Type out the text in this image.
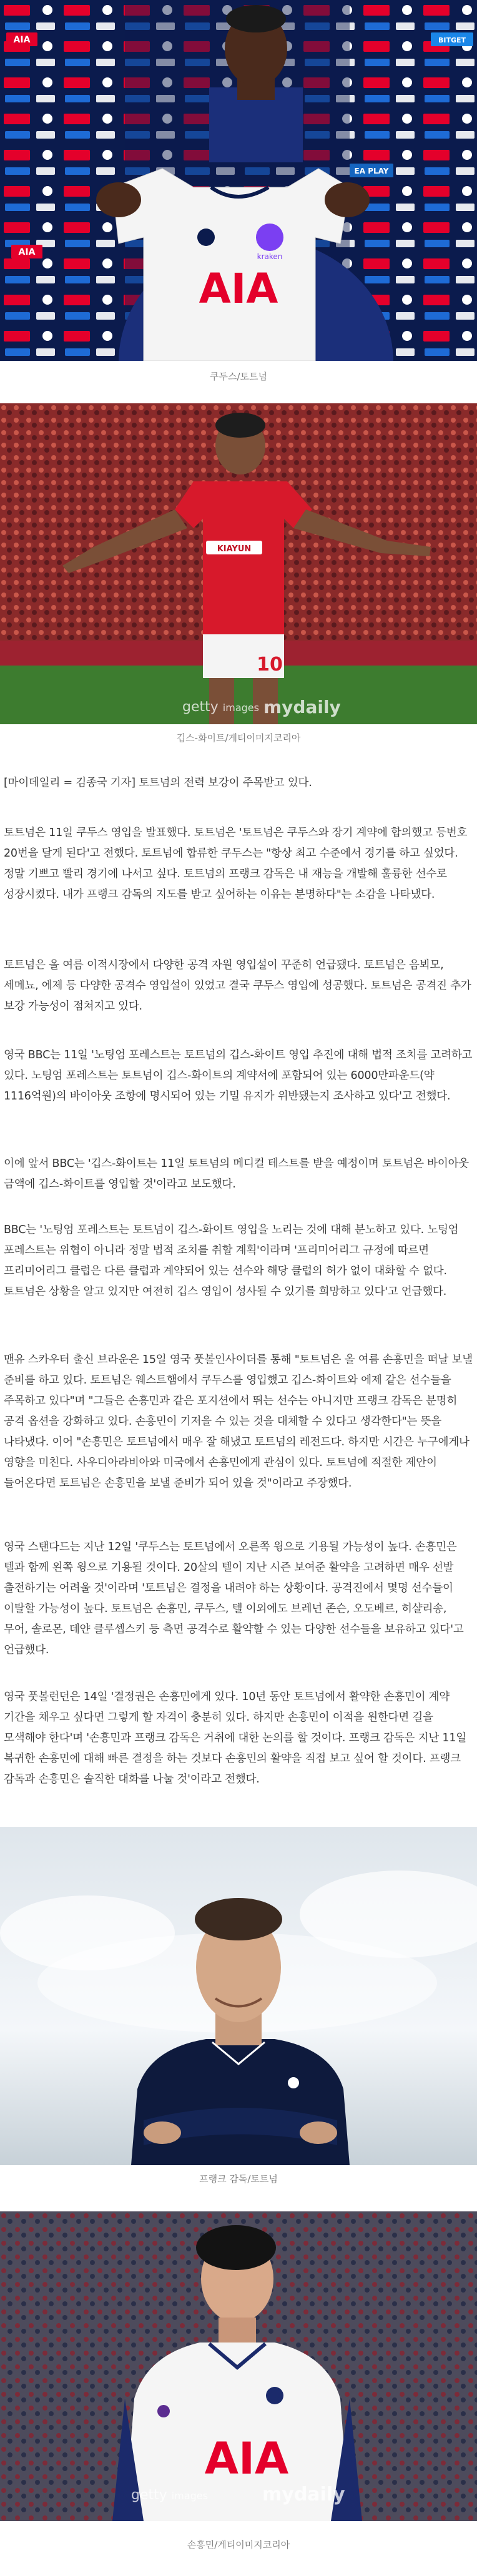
AIA	BITGET
EA PLAY
AIA	kraken
AIA
쿠두스/토트넘
KIAYUN
10
getty images mydaily
깁스-화이트/게티이미지코리아

[마이데일리 = 김종국 기자] 토트넘의 전력 보강이 주목받고 있다.

토트넘은 11일 쿠두스 영입을 발표했다. 토트넘은 '토트넘은 쿠두스와 장기 계약에 합의했고 등번호 20번을 달게 된다'고 전했다. 토트넘에 합류한 쿠두스는 "항상 최고 수준에서 경기를 하고 싶었다. 정말 기쁘고 빨리 경기에 나서고 싶다. 토트넘의 프랭크 감독은 내 재능을 개발해 훌륭한 선수로 성장시켰다. 내가 프랭크 감독의 지도를 받고 싶어하는 이유는 분명하다"는 소감을 나타냈다.

토트넘은 올 여름 이적시장에서 다양한 공격 자원 영입설이 꾸준히 언급됐다. 토트넘은 음뵈모, 세메뇨, 에제 등 다양한 공격수 영입설이 있었고 결국 쿠두스 영입에 성공했다. 토트넘은 공격진 추가 보강 가능성이 점쳐지고 있다.

영국 BBC는 11일 '노팅엄 포레스트는 토트넘의 깁스-화이트 영입 추진에 대해 법적 조치를 고려하고 있다. 노팅엄 포레스트는 토트넘이 깁스-화이트의 계약서에 포함되어 있는 6000만파운드(약 1116억원)의 바이아웃 조항에 명시되어 있는 기밀 유지가 위반됐는지 조사하고 있다'고 전했다.

이에 앞서 BBC는 '깁스-화이트는 11일 토트넘의 메디컬 테스트를 받을 예정이며 토트넘은 바이아웃 금액에 깁스-화이트를 영입할 것'이라고 보도했다.

BBC는 '노팅엄 포레스트는 토트넘이 깁스-화이트 영입을 노리는 것에 대해 분노하고 있다. 노팅엄 포레스트는 위협이 아니라 정말 법적 조치를 취할 계획'이라며 '프리미어리그 규정에 따르면 프리미어리그 클럽은 다른 클럽과 계약되어 있는 선수와 해당 클럽의 허가 없이 대화할 수 없다. 토트넘은 상황을 알고 있지만 여전히 깁스 영입이 성사될 수 있기를 희망하고 있다'고 언급했다.

맨유 스카우터 출신 브라운은 15일 영국 풋볼인사이더를 통해 "토트넘은 올 여름 손흥민을 떠날 보낼 준비를 하고 있다. 토트넘은 웨스트햄에서 쿠두스를 영입했고 깁스-화이트와 에제 같은 선수들을 주목하고 있다"며 "그들은 손흥민과 같은 포지션에서 뛰는 선수는 아니지만 프랭크 감독은 분명히 공격 옵션을 강화하고 있다. 손흥민이 기저을 수 있는 것을 대체할 수 있다고 생각한다"는 뜻을 나타냈다. 이어 "손흥민은 토트넘에서 매우 잘 해냈고 토트넘의 레전드다. 하지만 시간은 누구에게나 영향을 미친다. 사우디아라비아와 미국에서 손흥민에게 관심이 있다. 토트넘에 적절한 제안이 들어온다면 토트넘은 손흥민을 보낼 준비가 되어 있을 것"이라고 주장했다.

영국 스탠다드는 지난 12일 '쿠두스는 토트넘에서 오른쪽 윙으로 기용될 가능성이 높다. 손흥민은 텔과 함께 왼쪽 윙으로 기용될 것이다. 20살의 텔이 지난 시즌 보여준 활약을 고려하면 매우 선발 출전하기는 어려울 것'이라며 '토트넘은 결정을 내려야 하는 상황이다. 공격진에서 몇명 선수들이 이탈할 가능성이 높다. 토트넘은 손흥민, 쿠두스, 텔 이외에도 브레넌 존슨, 오도베르, 히샬리송, 무어, 솔로몬, 데얀 클루셉스키 등 측면 공격수로 활약할 수 있는 다양한 선수들을 보유하고 있다'고 언급했다.

영국 풋볼런던은 14일 '결정권은 손흥민에게 있다. 10년 동안 토트넘에서 활약한 손흥민이 계약 기간을 채우고 싶다면 그렇게 할 자격이 충분히 있다. 하지만 손흥민이 이적을 원한다면 길을 모색해야 한다'며 '손흥민과 프랭크 감독은 거취에 대한 논의를 할 것이다. 프랭크 감독은 지난 11일 복귀한 손흥민에 대해 빠른 결정을 하는 것보다 손흥민의 활약을 직접 보고 싶어 할 것이다. 프랭크 감독과 손흥민은 솔직한 대화를 나눌 것'이라고 전했다.

프랭크 감독/토트넘
AIA
getty images	mydaily
손흥민/게티이미지코리아
